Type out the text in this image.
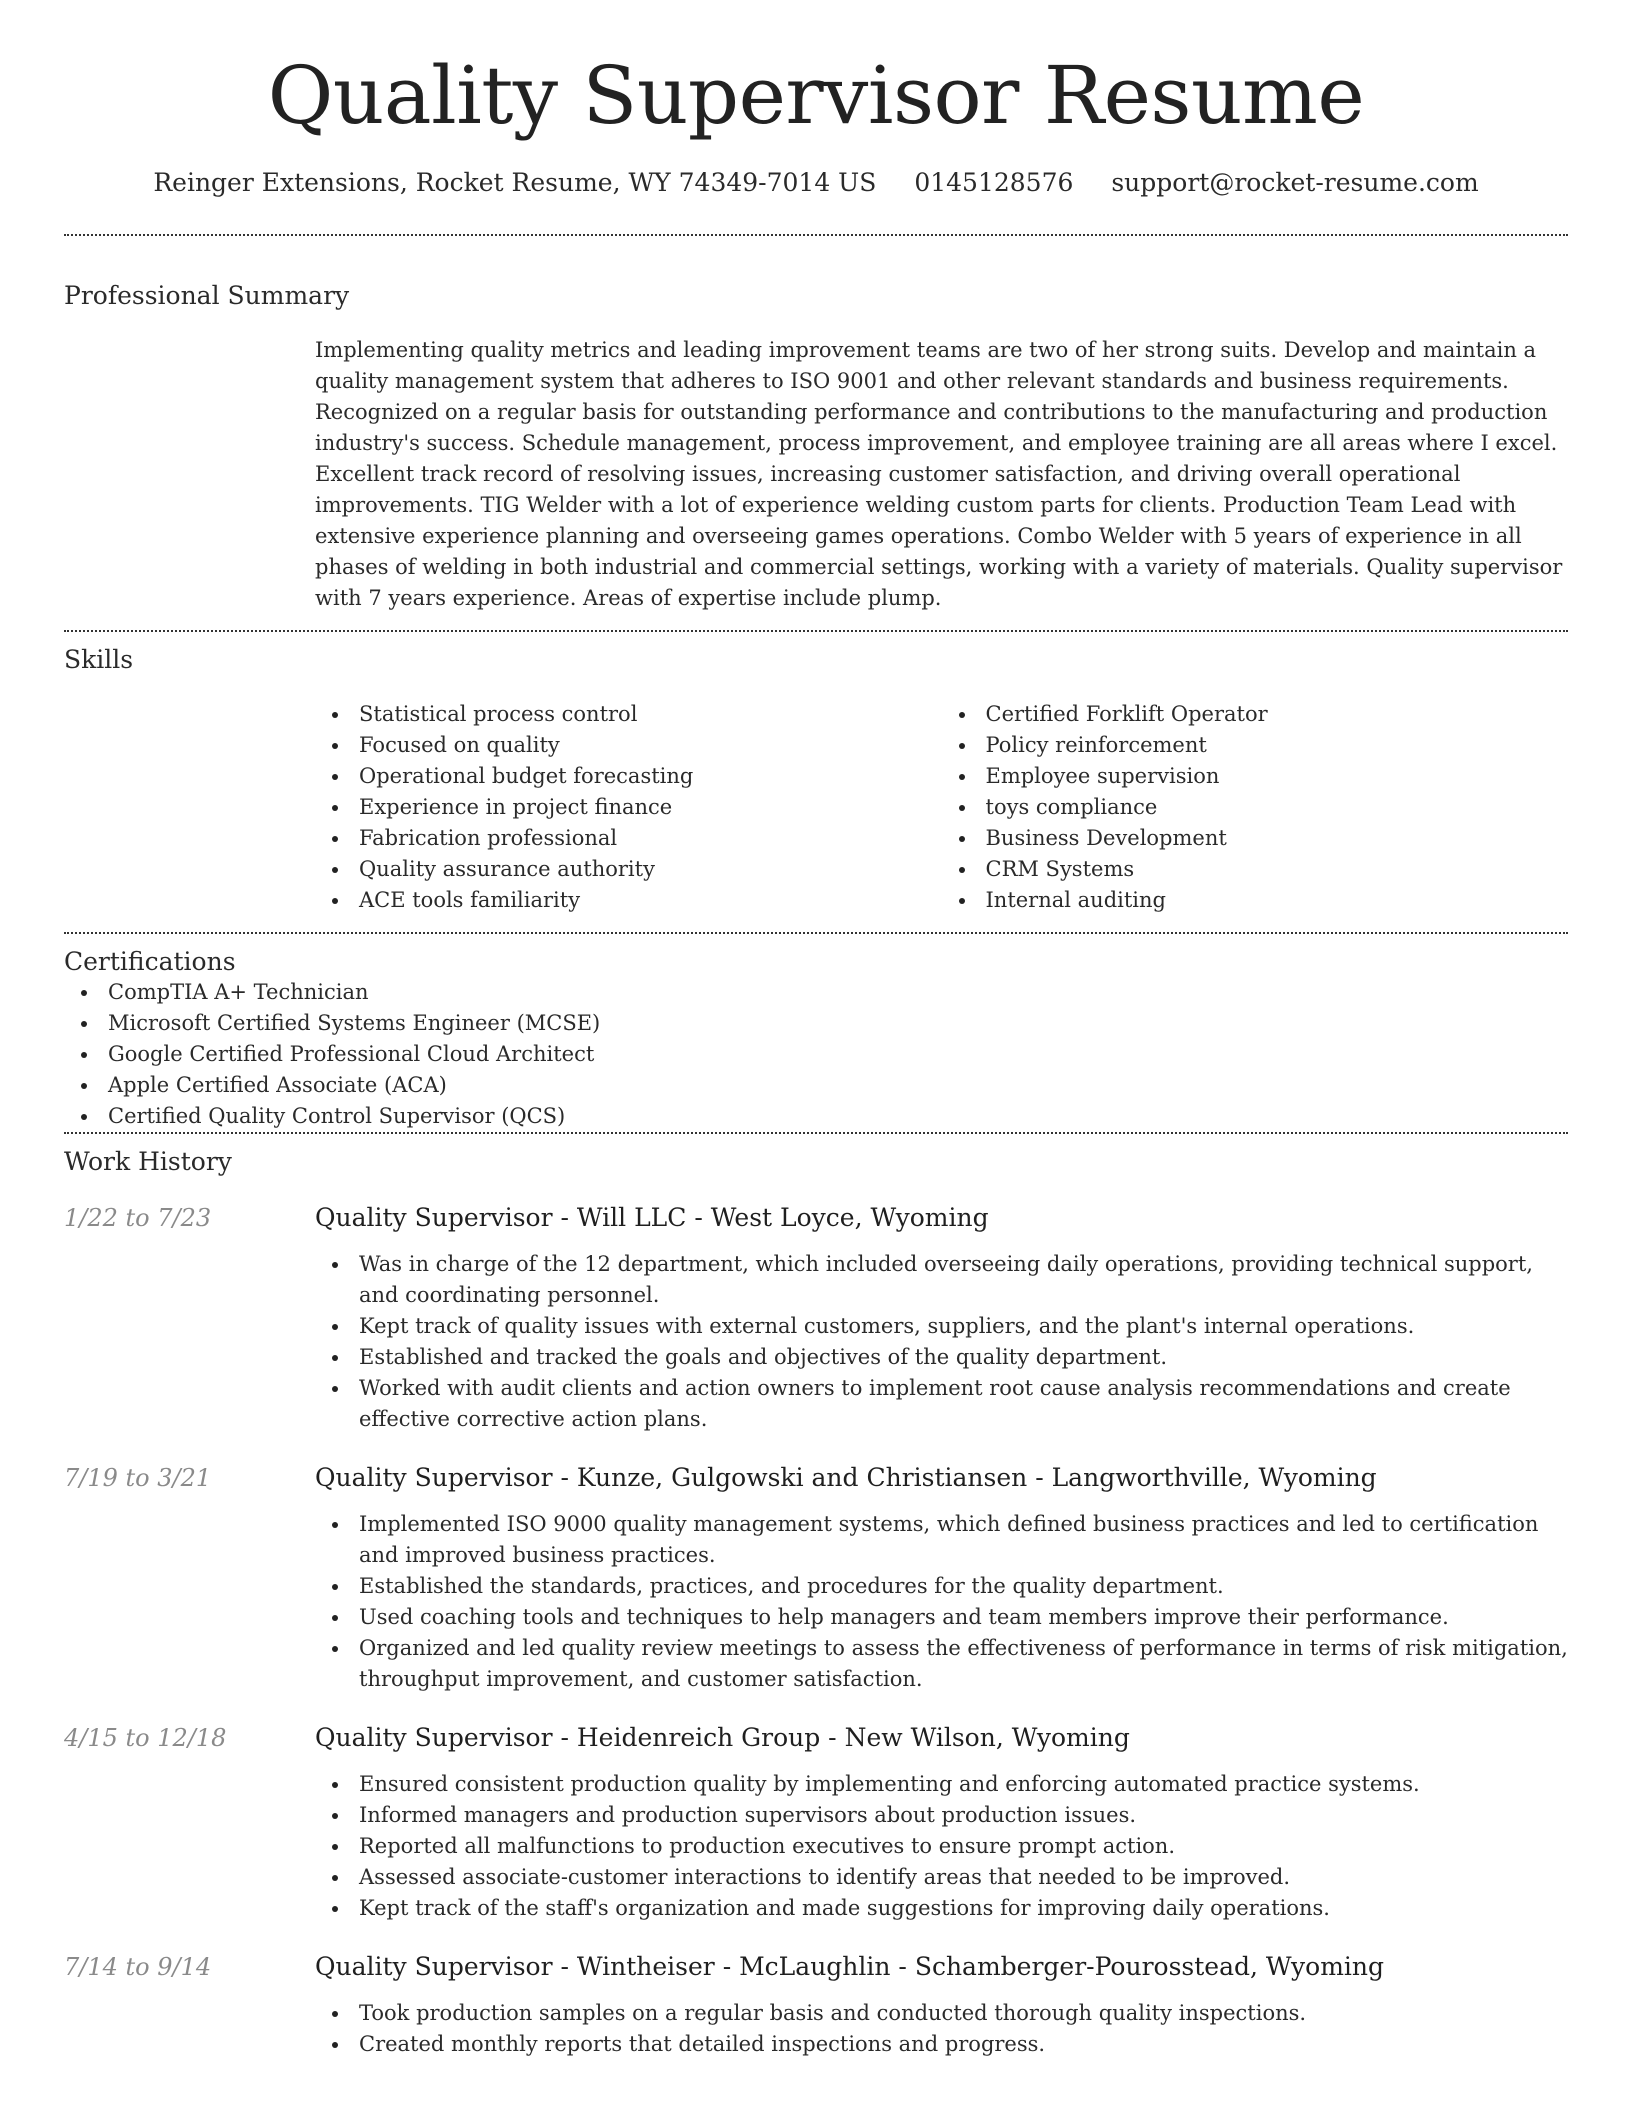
Quality Supervisor Resume
Reinger Extensions, Rocket Resume, WY 74349-7014 US 0145128576 support@rocket-resume.com
Professional Summary
Implementing quality metrics and leading improvement teams are two of her strong suits. Develop and maintain a quality management system that adheres to ISO 9001 and other relevant standards and business requirements. Recognized on a regular basis for outstanding performance and contributions to the manufacturing and production industry's success. Schedule management, process improvement, and employee training are all areas where I excel. Excellent track record of resolving issues, increasing customer satisfaction, and driving overall operational improvements. TIG Welder with a lot of experience welding custom parts for clients. Production Team Lead with extensive experience planning and overseeing games operations. Combo Welder with 5 years of experience in all phases of welding in both industrial and commercial settings, working with a variety of materials. Quality supervisor with 7 years experience. Areas of expertise include plump.
Skills
Statistical process control
Focused on quality
Operational budget forecasting
Experience in project finance
Fabrication professional
Quality assurance authority
ACE tools familiarity
Certified Forklift Operator
Policy reinforcement
Employee supervision
toys compliance
Business Development
CRM Systems
Internal auditing
Certifications
CompTIA A+ Technician
Microsoft Certified Systems Engineer (MCSE)
Google Certified Professional Cloud Architect
Apple Certified Associate (ACA)
Certified Quality Control Supervisor (QCS)
Work History
1/22 to 7/23	Quality Supervisor - Will LLC - West Loyce, Wyoming
Was in charge of the 12 department, which included overseeing daily operations, providing technical support, and coordinating personnel.
Kept track of quality issues with external customers, suppliers, and the plant's internal operations.
Established and tracked the goals and objectives of the quality department.
Worked with audit clients and action owners to implement root cause analysis recommendations and create effective corrective action plans.
7/19 to 3/21	Quality Supervisor - Kunze, Gulgowski and Christiansen - Langworthville, Wyoming
Implemented ISO 9000 quality management systems, which defined business practices and led to certification and improved business practices.
Established the standards, practices, and procedures for the quality department.
Used coaching tools and techniques to help managers and team members improve their performance.
Organized and led quality review meetings to assess the effectiveness of performance in terms of risk mitigation, throughput improvement, and customer satisfaction.
4/15 to 12/18	Quality Supervisor - Heidenreich Group - New Wilson, Wyoming
Ensured consistent production quality by implementing and enforcing automated practice systems.
Informed managers and production supervisors about production issues.
Reported all malfunctions to production executives to ensure prompt action.
Assessed associate-customer interactions to identify areas that needed to be improved.
Kept track of the staff's organization and made suggestions for improving daily operations.
7/14 to 9/14	Quality Supervisor - Wintheiser - McLaughlin - Schamberger-Pourosstead, Wyoming
Took production samples on a regular basis and conducted thorough quality inspections.
Created monthly reports that detailed inspections and progress.
